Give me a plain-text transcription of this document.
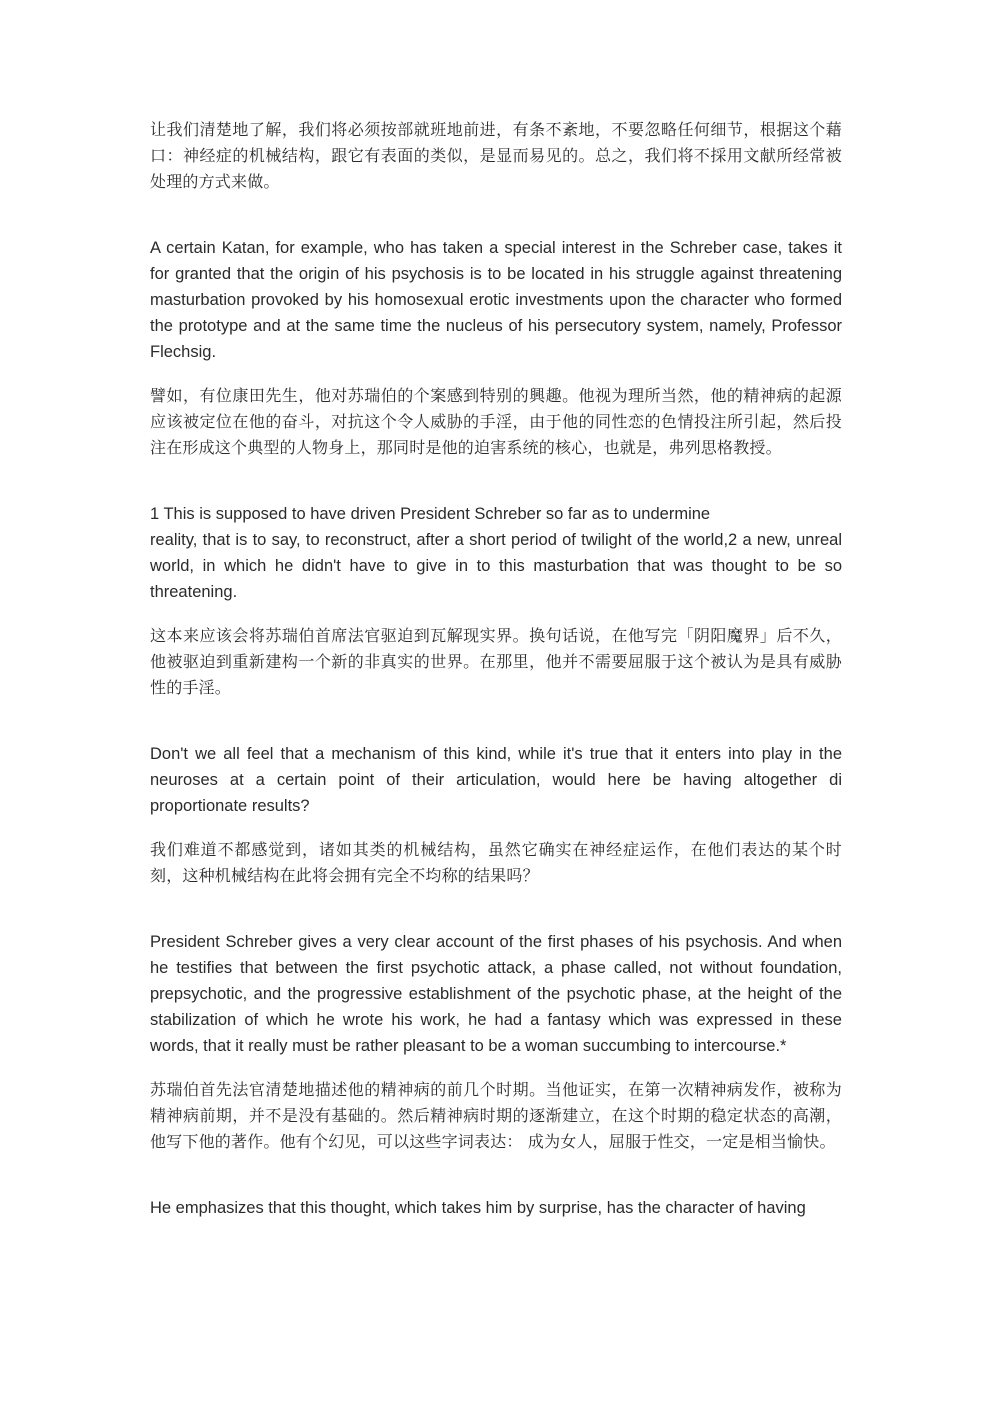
让我们清楚地了解，我们将必须按部就班地前进，有条不紊地，不要忽略任何细节，根据这个藉口：神经症的机械结构，跟它有表面的类似，是显而易见的。总之，我们将不採用文献所经常被处理的方式来做。

A certain Katan, for example, who has taken a special interest in the Schreber case, takes it for granted that the origin of his psychosis is to be located in his struggle against threatening masturbation provoked by his homosexual erotic investments upon the character who formed the prototype and at the same time the nucleus of his persecutory system, namely, Professor Flechsig.

譬如，有位康田先生，他对苏瑞伯的个案感到特别的興趣。他视为理所当然，他的精神病的起源应该被定位在他的奋斗，对抗这个令人威胁的手淫，由于他的同性恋的色情投注所引起，然后投注在形成这个典型的人物身上，那同时是他的迫害系统的核心，也就是，弗列思格教授。

1 This is supposed to have driven President Schreber so far as to undermine

reality, that is to say, to reconstruct, after a short period of twilight of the world,2 a new, unreal world, in which he didn't have to give in to this masturbation that was thought to be so threatening.

这本来应该会将苏瑞伯首席法官驱迫到瓦解现实界。换句话说，在他写完「阴阳魔界」后不久，他被驱迫到重新建构一个新的非真实的世界。在那里，他并不需要屈服于这个被认为是具有威胁性的手淫。

Don't we all feel that a mechanism of this kind, while it's true that it enters into play in the neuroses at a certain point of their articulation, would here be having altogether di proportionate results?

我们难道不都感觉到，诸如其类的机械结构，虽然它确实在神经症运作，在他们表达的某个时刻，这种机械结构在此将会拥有完全不均称的结果吗？

President Schreber gives a very clear account of the first phases of his psychosis. And when he testifies that between the first psychotic attack, a phase called, not without foundation, prepsychotic, and the progressive establishment of the psychotic phase, at the height of the stabilization of which he wrote his work, he had a fantasy which was expressed in these words, that it really must be rather pleasant to be a woman succumbing to intercourse.*

苏瑞伯首先法官清楚地描述他的精神病的前几个时期。当他证实，在第一次精神病发作，被称为精神病前期，并不是没有基础的。然后精神病时期的逐渐建立，在这个时期的稳定状态的高潮，他写下他的著作。他有个幻见，可以这些字词表达： 成为女人，屈服于性交，一定是相当愉快。

He emphasizes that this thought, which takes him by surprise, has the character of having
